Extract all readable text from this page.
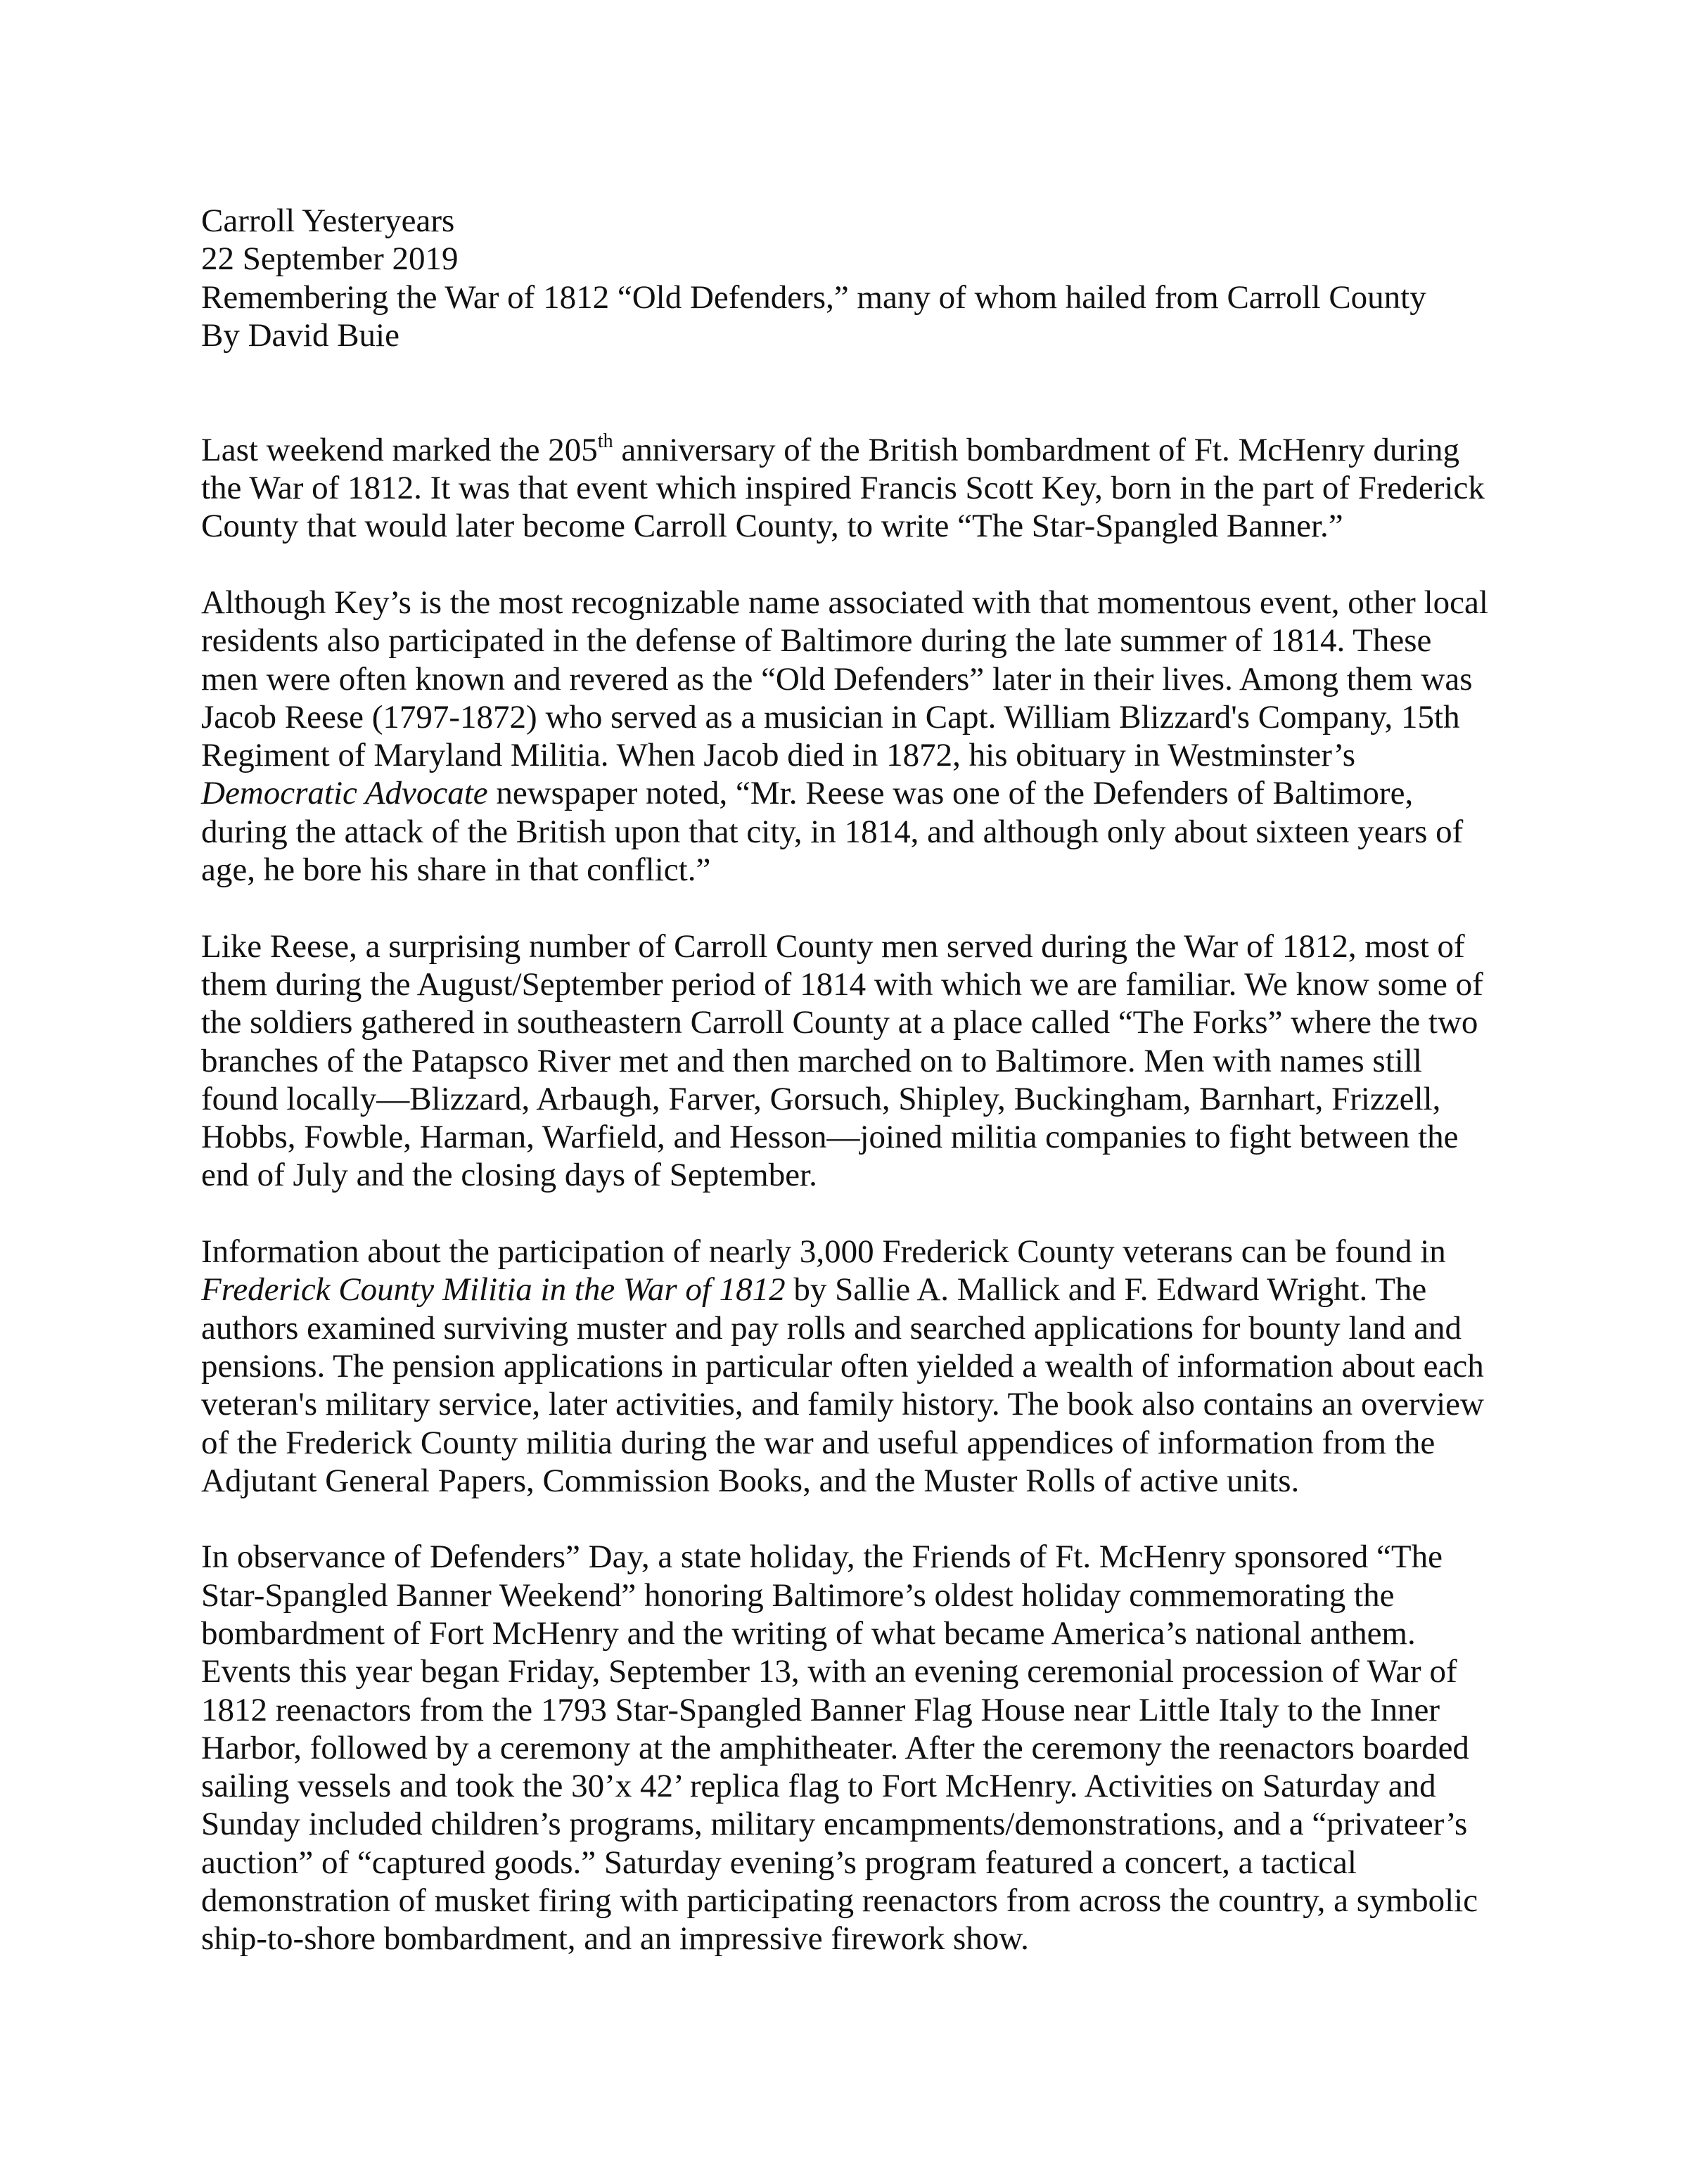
Carroll Yesteryears
22 September 2019
Remembering the War of 1812 “Old Defenders,” many of whom hailed from Carroll County
By David Buie
Last weekend marked the 205th anniversary of the British bombardment of Ft. McHenry during
the War of 1812. It was that event which inspired Francis Scott Key, born in the part of Frederick
County that would later become Carroll County, to write “The Star-Spangled Banner.”
Although Key’s is the most recognizable name associated with that momentous event, other local
residents also participated in the defense of Baltimore during the late summer of 1814. These
men were often known and revered as the “Old Defenders” later in their lives. Among them was
Jacob Reese (1797-1872) who served as a musician in Capt. William Blizzard's Company, 15th
Regiment of Maryland Militia. When Jacob died in 1872, his obituary in Westminster’s
Democratic Advocate newspaper noted, “Mr. Reese was one of the Defenders of Baltimore,
during the attack of the British upon that city, in 1814, and although only about sixteen years of
age, he bore his share in that conflict.”
Like Reese, a surprising number of Carroll County men served during the War of 1812, most of
them during the August/September period of 1814 with which we are familiar. We know some of
the soldiers gathered in southeastern Carroll County at a place called “The Forks” where the two
branches of the Patapsco River met and then marched on to Baltimore. Men with names still
found locally—Blizzard, Arbaugh, Farver, Gorsuch, Shipley, Buckingham, Barnhart, Frizzell,
Hobbs, Fowble, Harman, Warfield, and Hesson—joined militia companies to fight between the
end of July and the closing days of September.
Information about the participation of nearly 3,000 Frederick County veterans can be found in
Frederick County Militia in the War of 1812 by Sallie A. Mallick and F. Edward Wright. The
authors examined surviving muster and pay rolls and searched applications for bounty land and
pensions. The pension applications in particular often yielded a wealth of information about each
veteran's military service, later activities, and family history. The book also contains an overview
of the Frederick County militia during the war and useful appendices of information from the
Adjutant General Papers, Commission Books, and the Muster Rolls of active units.
In observance of Defenders” Day, a state holiday, the Friends of Ft. McHenry sponsored “The
Star-Spangled Banner Weekend” honoring Baltimore’s oldest holiday commemorating the
bombardment of Fort McHenry and the writing of what became America’s national anthem.
Events this year began Friday, September 13, with an evening ceremonial procession of War of
1812 reenactors from the 1793 Star-Spangled Banner Flag House near Little Italy to the Inner
Harbor, followed by a ceremony at the amphitheater. After the ceremony the reenactors boarded
sailing vessels and took the 30’x 42’ replica flag to Fort McHenry. Activities on Saturday and
Sunday included children’s programs, military encampments/demonstrations, and a “privateer’s
auction” of “captured goods.” Saturday evening’s program featured a concert, a tactical
demonstration of musket firing with participating reenactors from across the country, a symbolic
ship-to-shore bombardment, and an impressive firework show.
